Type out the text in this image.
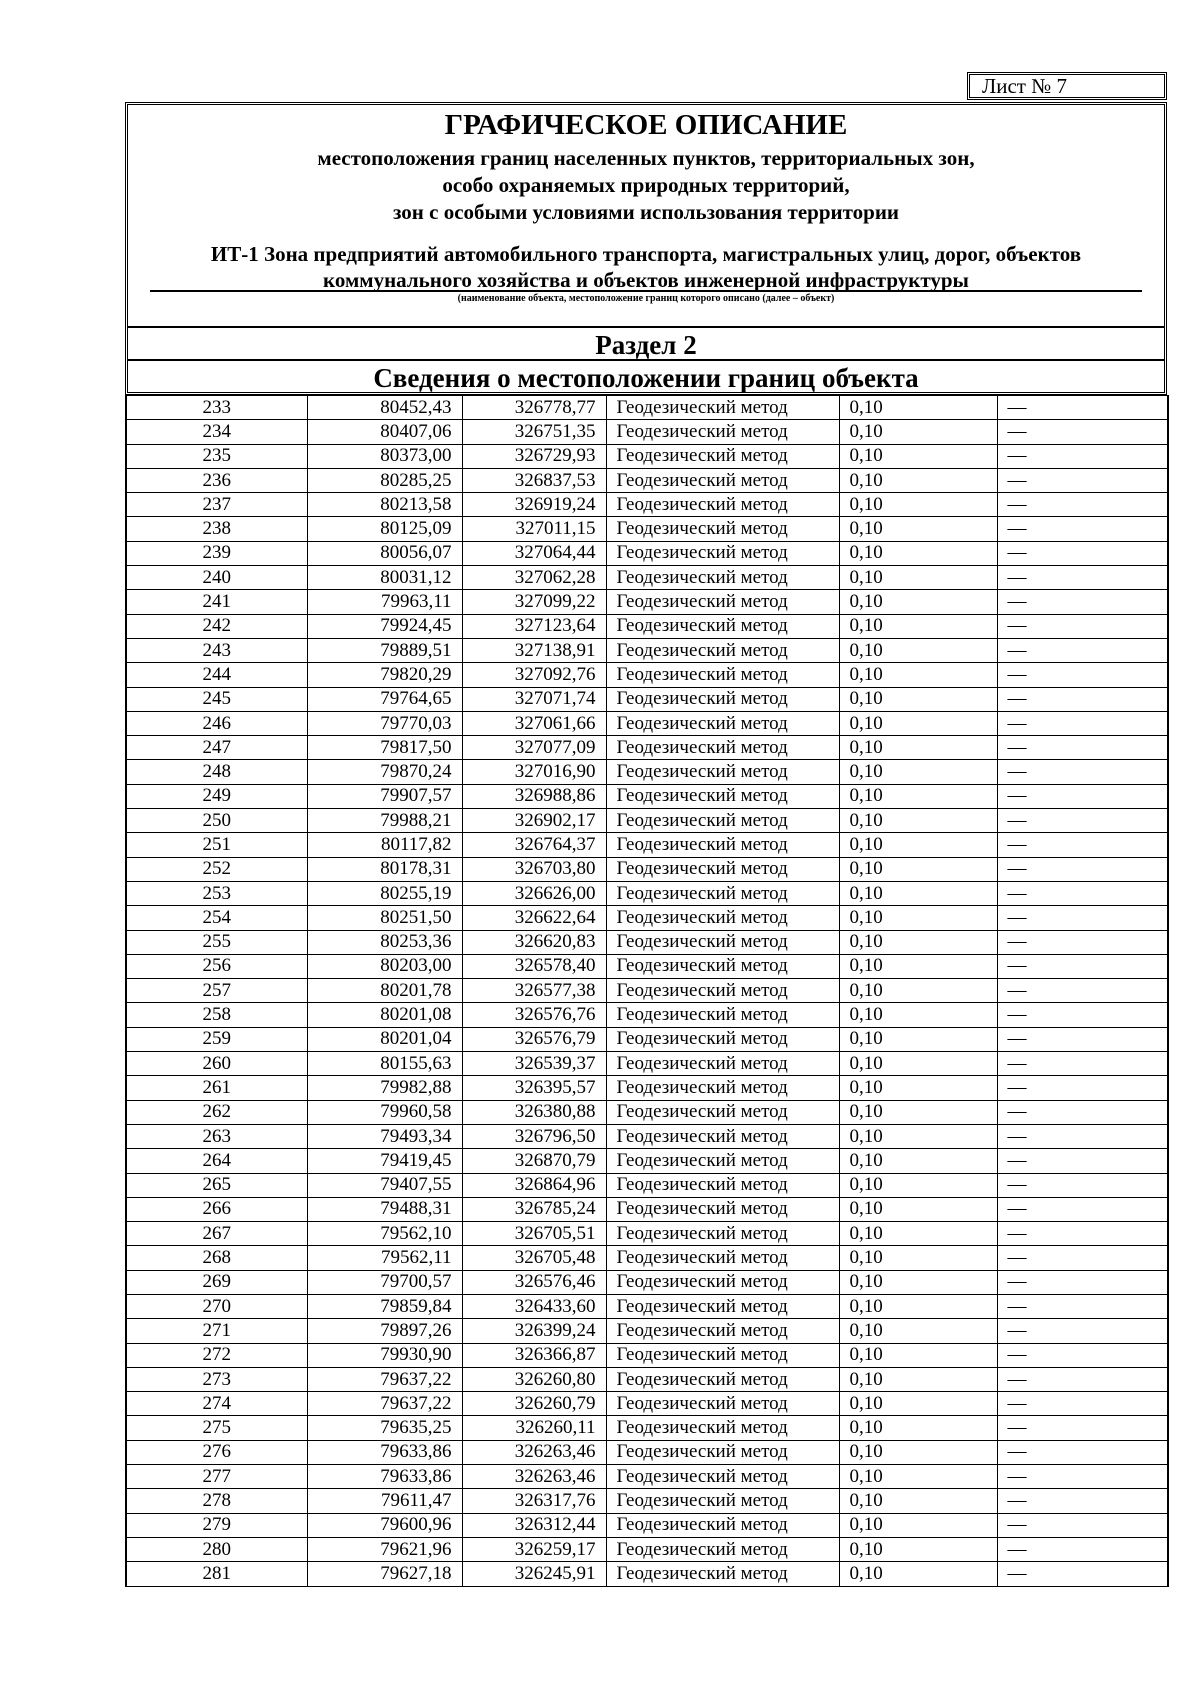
Лист № 7
ГРАФИЧЕСКОЕ ОПИСАНИЕ
местоположения границ населенных пунктов, территориальных зон,
особо охраняемых природных территорий,
зон с особыми условиями использования территории
ИТ-1 Зона предприятий автомобильного транспорта, магистральных улиц, дорог, объектов
коммунального хозяйства и объектов инженерной инфраструктуры
(наименование объекта, местоположение границ которого описано (далее – объект)
Раздел 2
Сведения о местоположении границ объекта
233	80452,43	326778,77	Геодезический метод	0,10	—
234	80407,06	326751,35	Геодезический метод	0,10	—
235	80373,00	326729,93	Геодезический метод	0,10	—
236	80285,25	326837,53	Геодезический метод	0,10	—
237	80213,58	326919,24	Геодезический метод	0,10	—
238	80125,09	327011,15	Геодезический метод	0,10	—
239	80056,07	327064,44	Геодезический метод	0,10	—
240	80031,12	327062,28	Геодезический метод	0,10	—
241	79963,11	327099,22	Геодезический метод	0,10	—
242	79924,45	327123,64	Геодезический метод	0,10	—
243	79889,51	327138,91	Геодезический метод	0,10	—
244	79820,29	327092,76	Геодезический метод	0,10	—
245	79764,65	327071,74	Геодезический метод	0,10	—
246	79770,03	327061,66	Геодезический метод	0,10	—
247	79817,50	327077,09	Геодезический метод	0,10	—
248	79870,24	327016,90	Геодезический метод	0,10	—
249	79907,57	326988,86	Геодезический метод	0,10	—
250	79988,21	326902,17	Геодезический метод	0,10	—
251	80117,82	326764,37	Геодезический метод	0,10	—
252	80178,31	326703,80	Геодезический метод	0,10	—
253	80255,19	326626,00	Геодезический метод	0,10	—
254	80251,50	326622,64	Геодезический метод	0,10	—
255	80253,36	326620,83	Геодезический метод	0,10	—
256	80203,00	326578,40	Геодезический метод	0,10	—
257	80201,78	326577,38	Геодезический метод	0,10	—
258	80201,08	326576,76	Геодезический метод	0,10	—
259	80201,04	326576,79	Геодезический метод	0,10	—
260	80155,63	326539,37	Геодезический метод	0,10	—
261	79982,88	326395,57	Геодезический метод	0,10	—
262	79960,58	326380,88	Геодезический метод	0,10	—
263	79493,34	326796,50	Геодезический метод	0,10	—
264	79419,45	326870,79	Геодезический метод	0,10	—
265	79407,55	326864,96	Геодезический метод	0,10	—
266	79488,31	326785,24	Геодезический метод	0,10	—
267	79562,10	326705,51	Геодезический метод	0,10	—
268	79562,11	326705,48	Геодезический метод	0,10	—
269	79700,57	326576,46	Геодезический метод	0,10	—
270	79859,84	326433,60	Геодезический метод	0,10	—
271	79897,26	326399,24	Геодезический метод	0,10	—
272	79930,90	326366,87	Геодезический метод	0,10	—
273	79637,22	326260,80	Геодезический метод	0,10	—
274	79637,22	326260,79	Геодезический метод	0,10	—
275	79635,25	326260,11	Геодезический метод	0,10	—
276	79633,86	326263,46	Геодезический метод	0,10	—
277	79633,86	326263,46	Геодезический метод	0,10	—
278	79611,47	326317,76	Геодезический метод	0,10	—
279	79600,96	326312,44	Геодезический метод	0,10	—
280	79621,96	326259,17	Геодезический метод	0,10	—
281	79627,18	326245,91	Геодезический метод	0,10	—
